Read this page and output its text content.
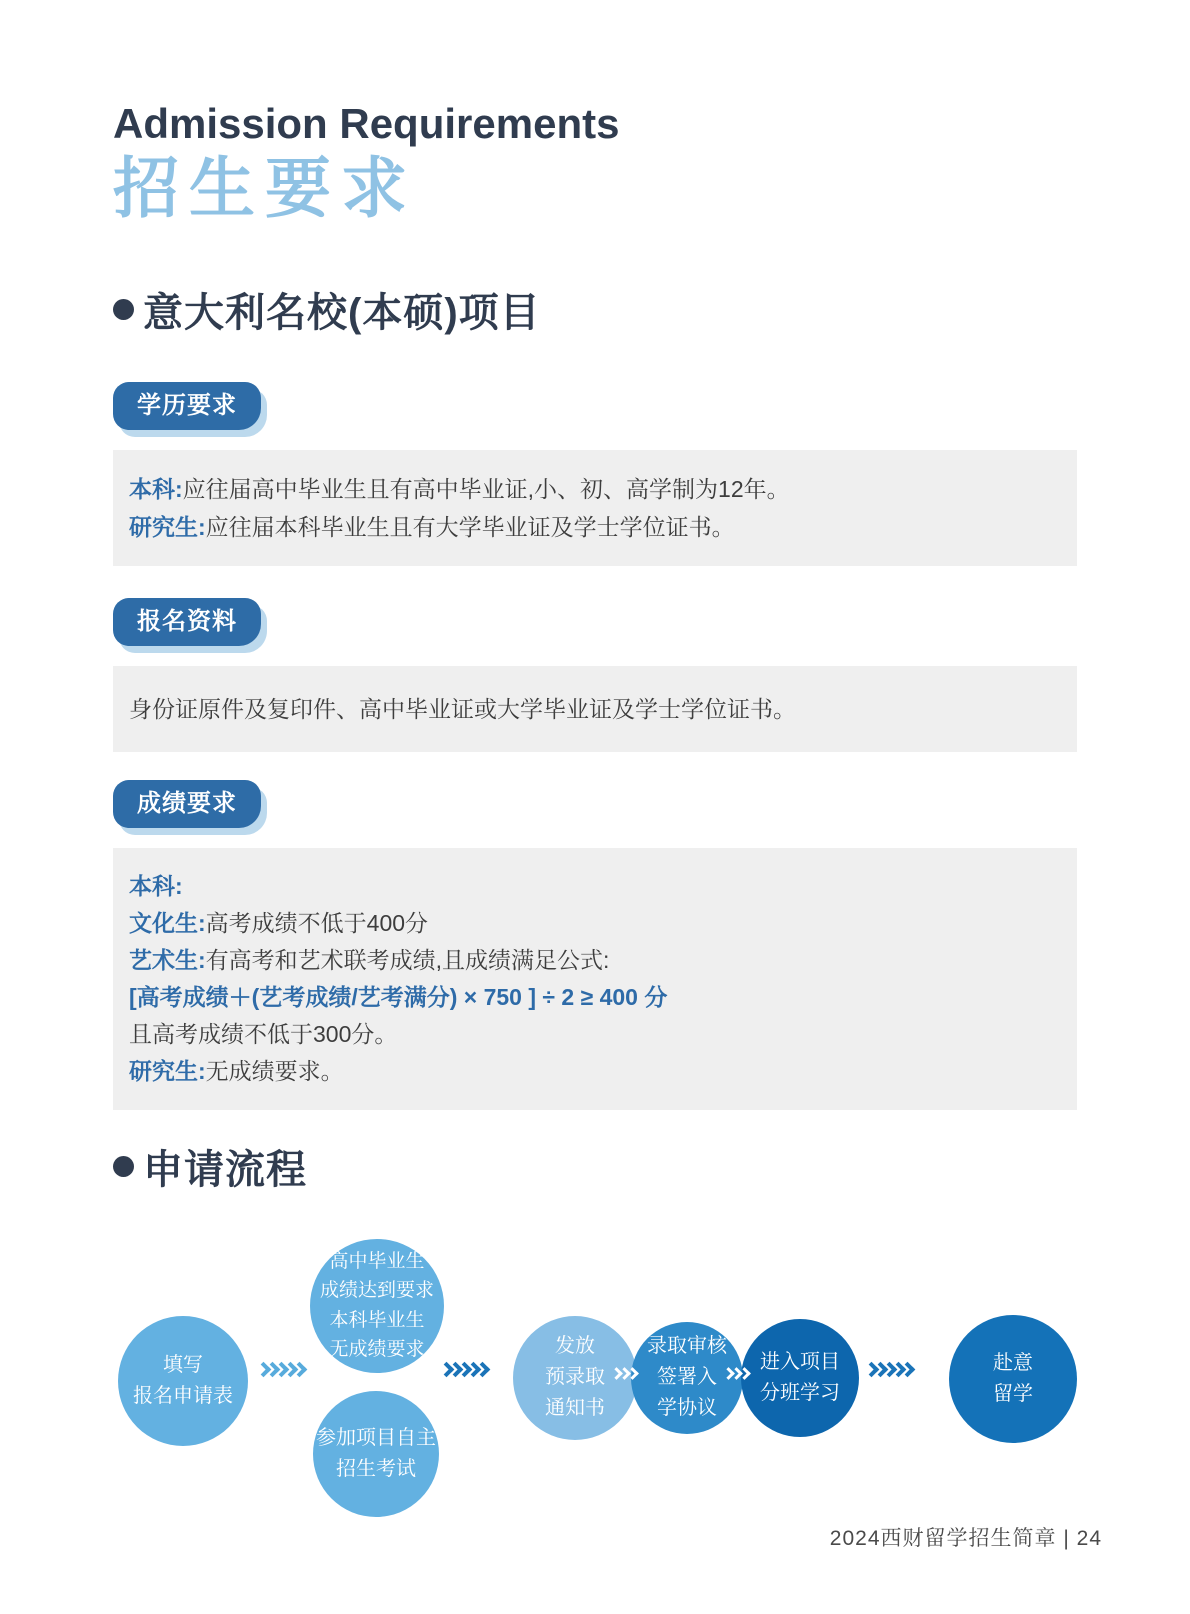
Admission Requirements
招生要求
意大利名校(本硕)项目
学历要求
本科:应往届高中毕业生且有高中毕业证,小、初、高学制为12年。
研究生:应往届本科毕业生且有大学毕业证及学士学位证书。
报名资料
身份证原件及复印件、高中毕业证或大学毕业证及学士学位证书。
成绩要求
本科:
文化生:高考成绩不低于400分
艺术生:有高考和艺术联考成绩,且成绩满足公式:
[高考成绩＋(艺考成绩/艺考满分) × 750 ] ÷ 2 ≥ 400 分
且高考成绩不低于300分。
研究生:无成绩要求。
申请流程
填写
报名申请表
高中毕业生
成绩达到要求
本科毕业生
无成绩要求
参加项目自主
招生考试
发放
预录取
通知书
录取审核
签署入
学协议
进入项目
分班学习
赴意
留学
2024西财留学招生简章 | 24
